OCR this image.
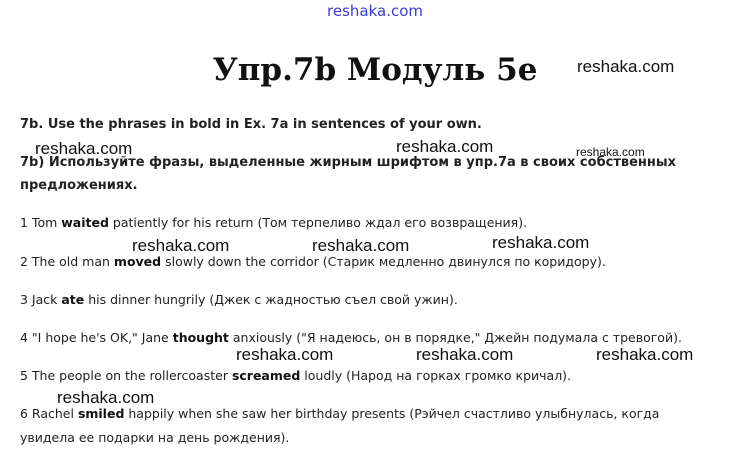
reshaka.com
Упр.7b Модуль 5е	reshaka.com
7b. Use the phrases in bold in Ex. 7a in sentences of your own.
reshaka.com	reshaka.com	reshaka.com
7b) Используйте фразы, выделенные жирным шрифтом в упр.7а в своих собственных
предложениях.
1 Tom waited patiently for his return (Том терпеливо ждал его возвращения).
reshaka.com	reshaka.com	reshaka.com
2 The old man moved slowly down the corridor (Старик медленно двинулся по коридору).
3 Jack ate his dinner hungrily (Джек с жадностью съел свой ужин).
4 "I hope he's OK," Jane thought anxiously ("Я надеюсь, он в порядке," Джейн подумала с тревогой).
reshaka.com	reshaka.com	reshaka.com
5 The people on the rollercoaster screamed loudly (Народ на горках громко кричал).
reshaka.com
6 Rachel smiled happily when she saw her birthday presents (Рэйчел счастливо улыбнулась, когда
увидела ее подарки на день рождения).
